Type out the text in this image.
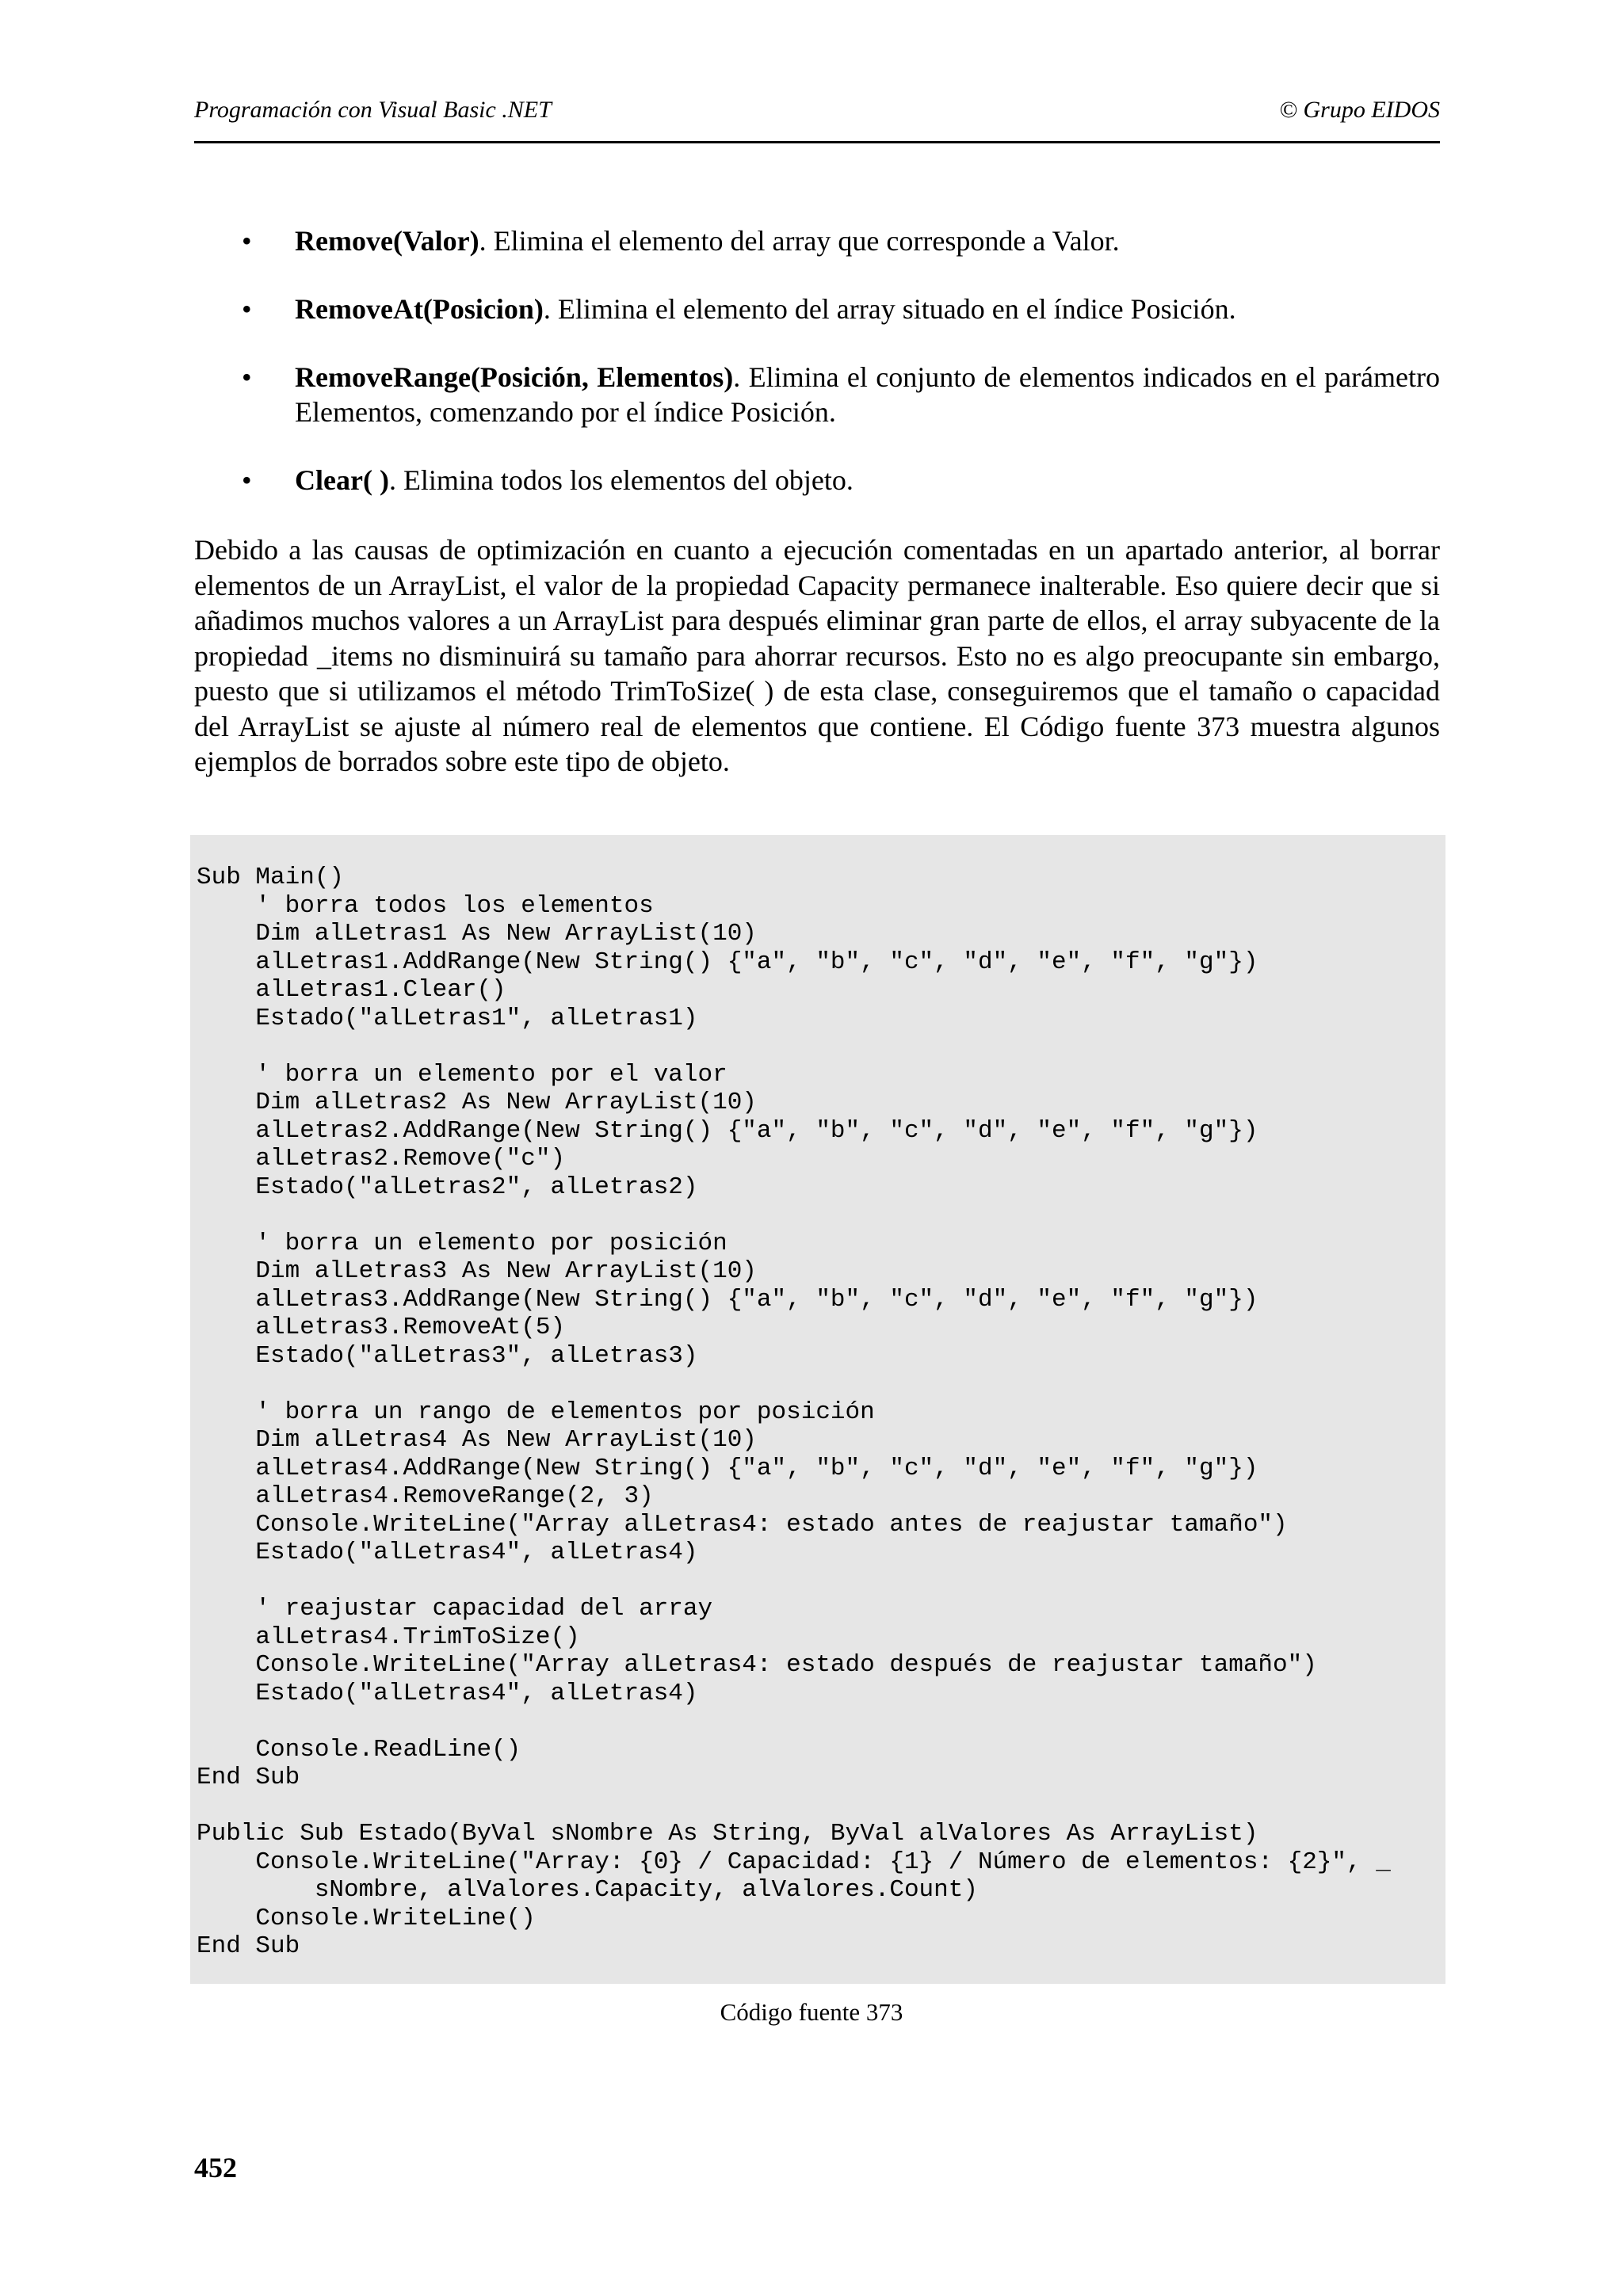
Programación con Visual Basic .NET	© Grupo EIDOS
• Remove(Valor). Elimina el elemento del array que corresponde a Valor.
• RemoveAt(Posicion). Elimina el elemento del array situado en el índice Posición.
• RemoveRange(Posición, Elementos). Elimina el conjunto de elementos indicados en el parámetro Elementos, comenzando por el índice Posición.
• Clear( ). Elimina todos los elementos del objeto.

Debido a las causas de optimización en cuanto a ejecución comentadas en un apartado anterior, al borrar elementos de un ArrayList, el valor de la propiedad Capacity permanece inalterable. Eso quiere decir que si añadimos muchos valores a un ArrayList para después eliminar gran parte de ellos, el array subyacente de la propiedad _items no disminuirá su tamaño para ahorrar recursos. Esto no es algo preocupante sin embargo, puesto que si utilizamos el método TrimToSize( ) de esta clase, conseguiremos que el tamaño o capacidad del ArrayList se ajuste al número real de elementos que contiene. El Código fuente 373 muestra algunos ejemplos de borrados sobre este tipo de objeto.

Sub Main()
' borra todos los elementos
Dim alLetras1 As New ArrayList(10)
alLetras1.AddRange(New String() {"a", "b", "c", "d", "e", "f", "g"})
alLetras1.Clear()
Estado("alLetras1", alLetras1)

' borra un elemento por el valor
Dim alLetras2 As New ArrayList(10)
alLetras2.AddRange(New String() {"a", "b", "c", "d", "e", "f", "g"})
alLetras2.Remove("c")
Estado("alLetras2", alLetras2)

' borra un elemento por posición
Dim alLetras3 As New ArrayList(10)
alLetras3.AddRange(New String() {"a", "b", "c", "d", "e", "f", "g"})
alLetras3.RemoveAt(5)
Estado("alLetras3", alLetras3)

' borra un rango de elementos por posición
Dim alLetras4 As New ArrayList(10)
alLetras4.AddRange(New String() {"a", "b", "c", "d", "e", "f", "g"})
alLetras4.RemoveRange(2, 3)
Console.WriteLine("Array alLetras4: estado antes de reajustar tamaño")
Estado("alLetras4", alLetras4)

' reajustar capacidad del array
alLetras4.TrimToSize()
Console.WriteLine("Array alLetras4: estado después de reajustar tamaño")
Estado("alLetras4", alLetras4)

Console.ReadLine()
End Sub

Public Sub Estado(ByVal sNombre As String, ByVal alValores As ArrayList)
Console.WriteLine("Array: {0} / Capacidad: {1} / Número de elementos: {2}", _
sNombre, alValores.Capacity, alValores.Count)
Console.WriteLine()
End Sub
Código fuente 373
452
